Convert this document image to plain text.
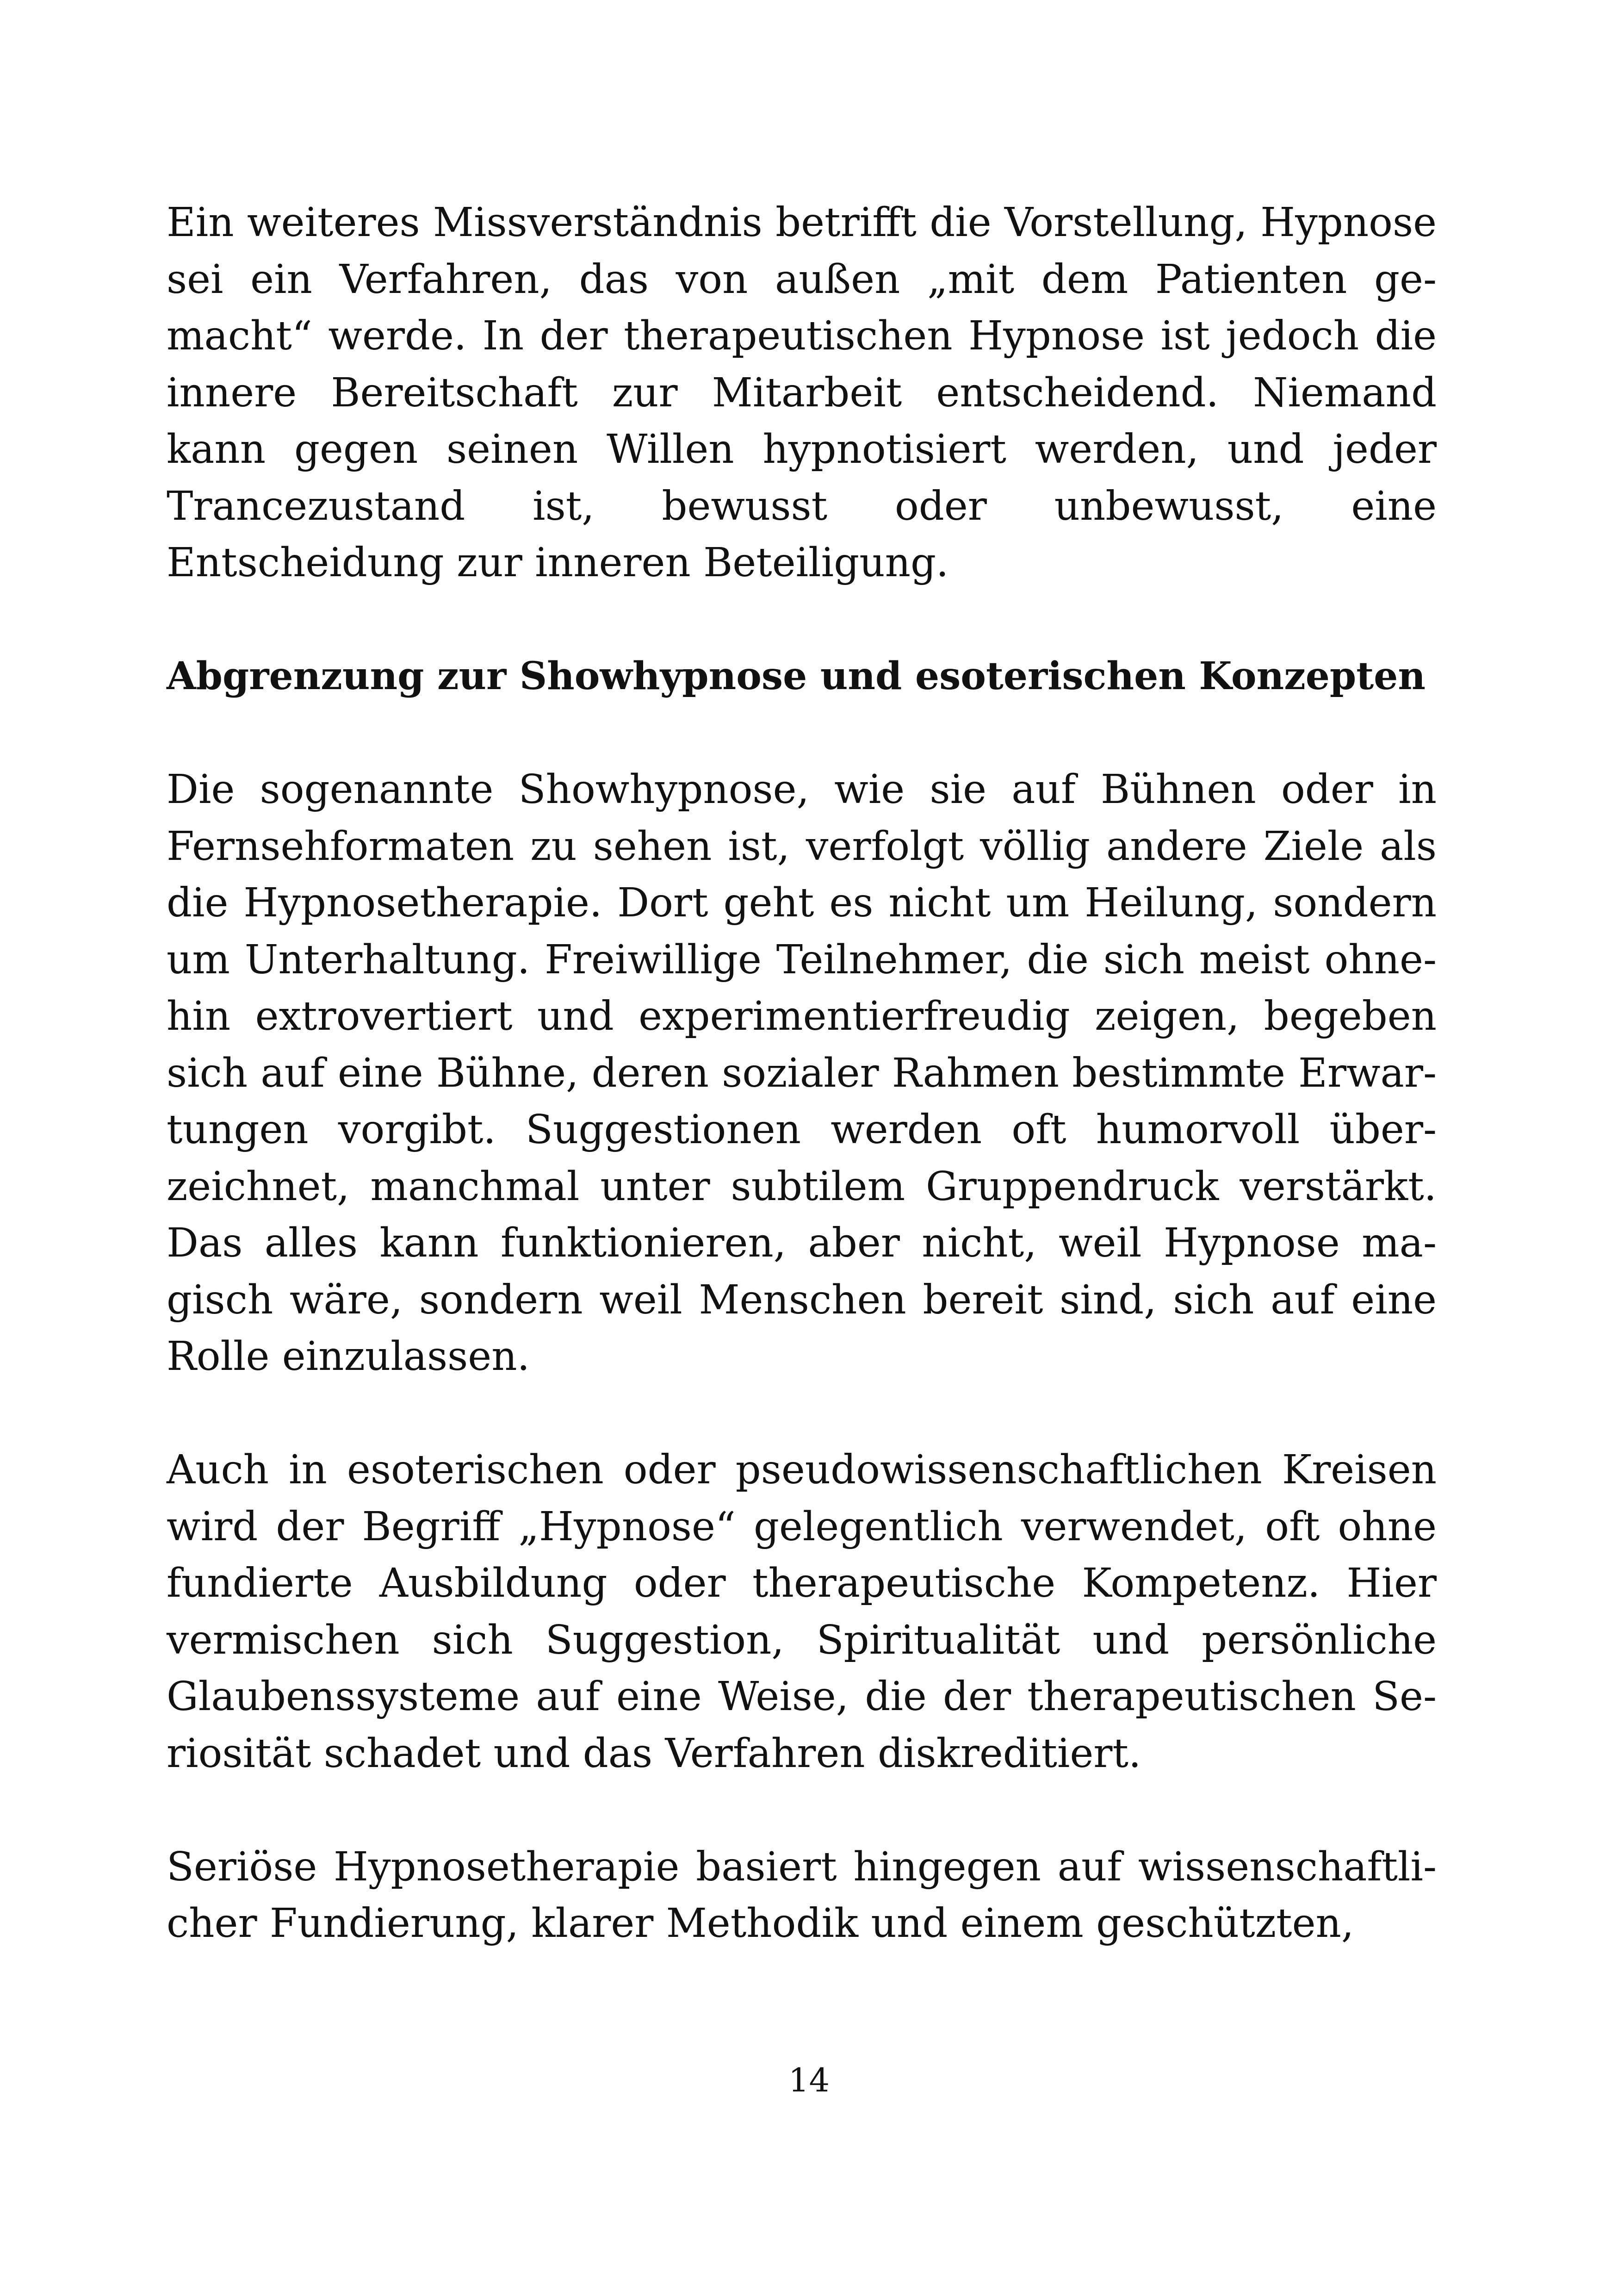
Ein weiteres Missverständnis betrifft die Vorstellung, Hypnose sei ein Verfahren, das von außen „mit dem Patienten gemacht“ werde. In der therapeutischen Hypnose ist jedoch die innere Bereitschaft zur Mitarbeit entscheidend. Niemand kann gegen seinen Willen hypnotisiert werden, und jeder Trancezustand ist, bewusst oder unbewusst, eine Entscheidung zur inneren Beteiligung.

Abgrenzung zur Showhypnose und esoterischen Konzepten

Die sogenannte Showhypnose, wie sie auf Bühnen oder in Fernsehformaten zu sehen ist, verfolgt völlig andere Ziele als die Hypnosetherapie. Dort geht es nicht um Heilung, sondern um Unterhaltung. Freiwillige Teilnehmer, die sich meist ohnehin extrovertiert und experimentierfreudig zeigen, begeben sich auf eine Bühne, deren sozialer Rahmen bestimmte Erwartungen vorgibt. Suggestionen werden oft humorvoll überzeichnet, manchmal unter subtilem Gruppendruck verstärkt. Das alles kann funktionieren, aber nicht, weil Hypnose magisch wäre, sondern weil Menschen bereit sind, sich auf eine Rolle einzulassen.

Auch in esoterischen oder pseudowissenschaftlichen Kreisen wird der Begriff „Hypnose“ gelegentlich verwendet, oft ohne fundierte Ausbildung oder therapeutische Kompetenz. Hier vermischen sich Suggestion, Spiritualität und persönliche Glaubenssysteme auf eine Weise, die der therapeutischen Seriosität schadet und das Verfahren diskreditiert.

Seriöse Hypnosetherapie basiert hingegen auf wissenschaftlicher Fundierung, klarer Methodik und einem geschützten,

14
